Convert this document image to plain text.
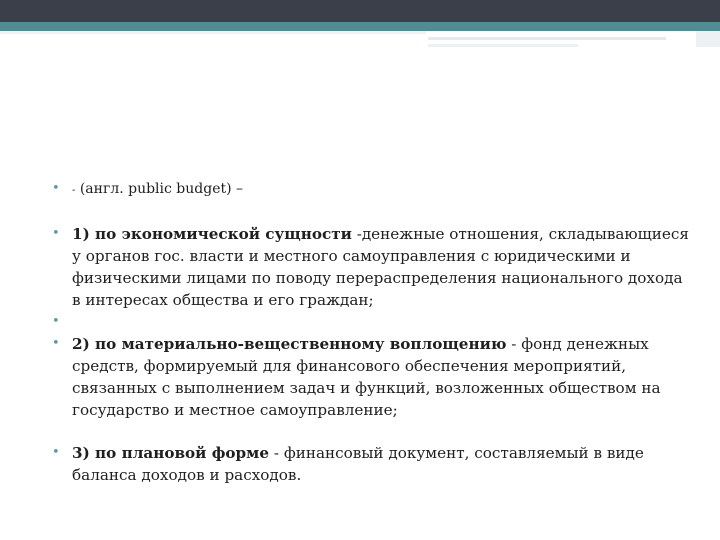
• - (англ. public budget) –
• 1) по экономической сущности -денежные отношения, складывающиеся у органов гос. власти и местного самоуправления с юридическими и физическими лицами по поводу перераспределения национального дохода в интересах общества и его граждан;
•
• 2) по материально-вещественному воплощению - фонд денежных средств, формируемый для финансового обеспечения мероприятий, связанных с выполнением задач и функций, возложенных обществом на государство и местное самоуправление;
• 3) по плановой форме - финансовый документ, составляемый в виде баланса доходов и расходов.
